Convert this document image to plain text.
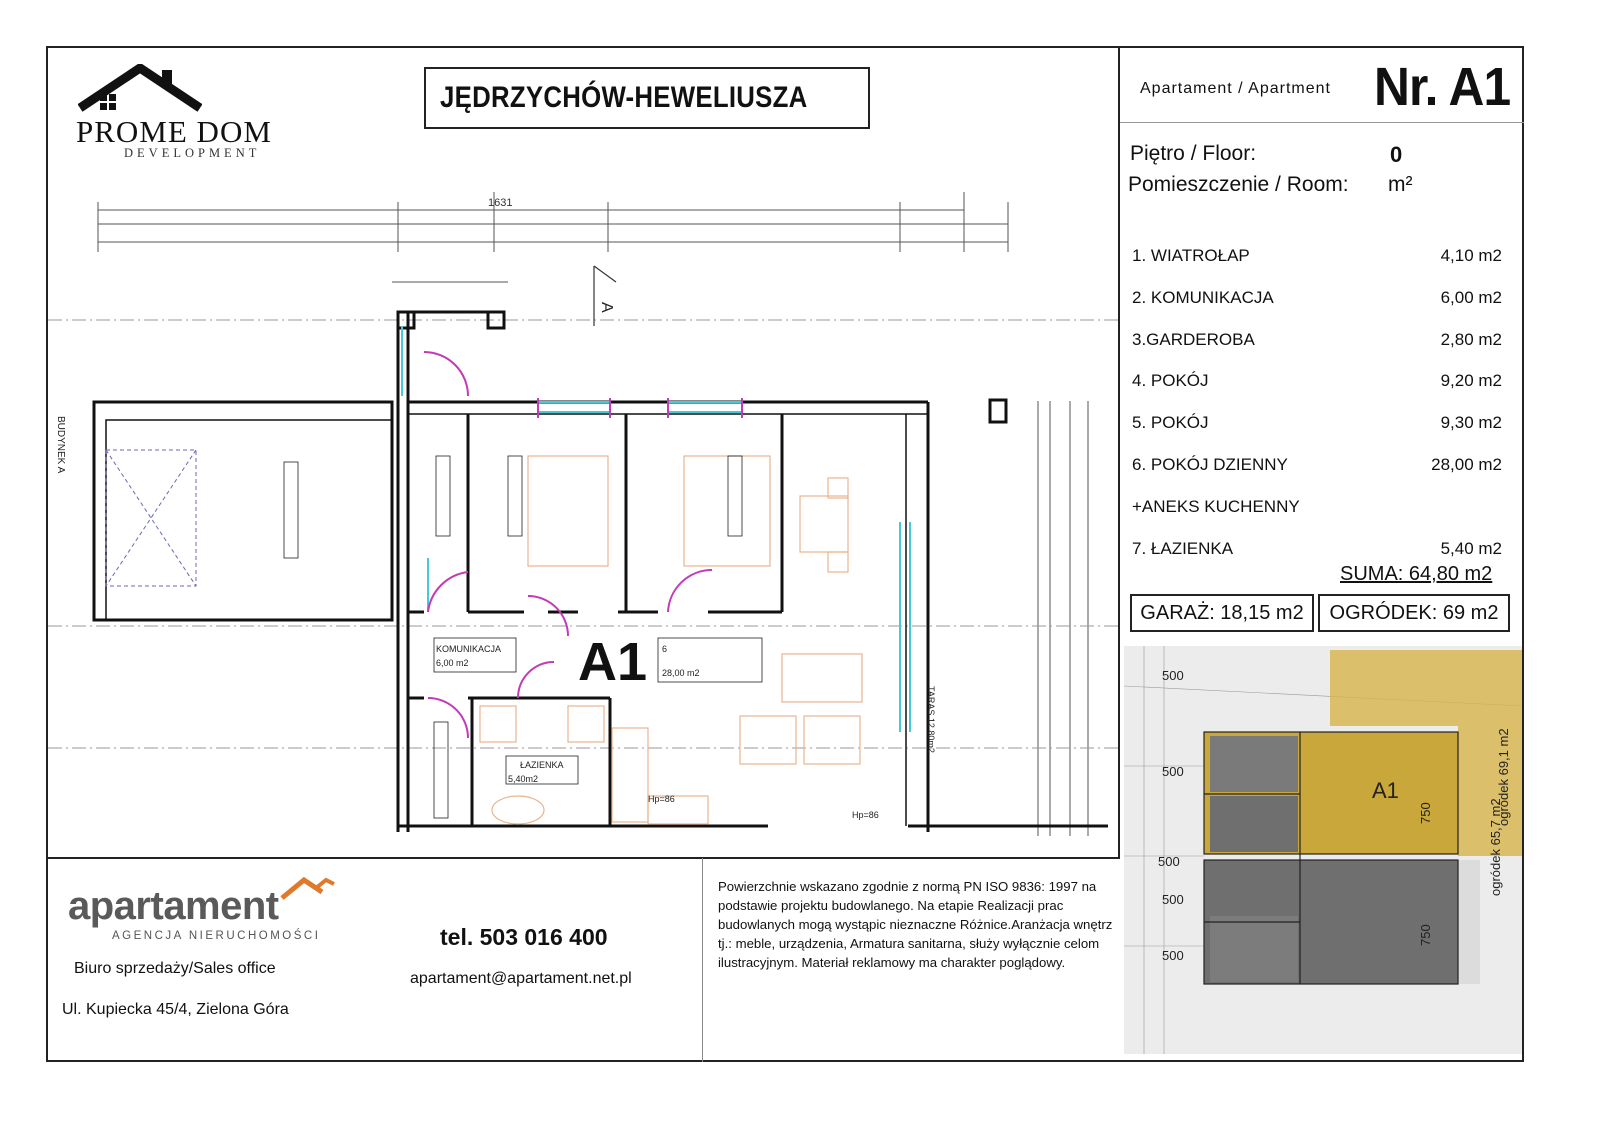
PROME DOM
DEVELOPMENT
JĘDRZYCHÓW-HEWELIUSZA	Apartament / Apartment Nr. A1
Piętro / Floor:	0
Pomieszczenie / Room: m²
1. WIATROŁAP	4,10 m2
2. KOMUNIKACJA	6,00 m2
3.GARDEROBA	2,80 m2
4. POKÓJ	9,20 m2
5. POKÓJ	9,30 m2
6. POKÓJ DZIENNY	28,00 m2
+ANEKS KUCHENNY
7. ŁAZIENKA	5,40 m2
SUMA: 64,80 m2
GARAŻ: 18,15 m2	OGRÓDEK: 69 m2
1631
KOMUNIKACJA
6,00 m2
6
28,00 m2
5,40m2
ŁAZIENKA
Hp=86
Hp=86
BUDYNEK A
A
A1
TARAS 12,80m2
A1
500
500
500
500
500
ogródek 65,7 m2
ogródek 69,1 m2
750
750
apartament
AGENCJA NIERUCHOMOŚCI
Biuro sprzedaży/Sales office
Ul. Kupiecka 45/4, Zielona Góra
tel. 503 016 400
apartament@apartament.net.pl

Powierzchnie wskazano zgodnie z normą PN ISO 9836: 1997 na podstawie projektu budowlanego. Na etapie Realizacji prac budowlanych mogą wystąpic nieznaczne Różnice.Aranżacja wnętrz tj.: meble, urządzenia, Armatura sanitarna, służy wyłącznie celom ilustracyjnym. Materiał reklamowy ma charakter poglądowy.
